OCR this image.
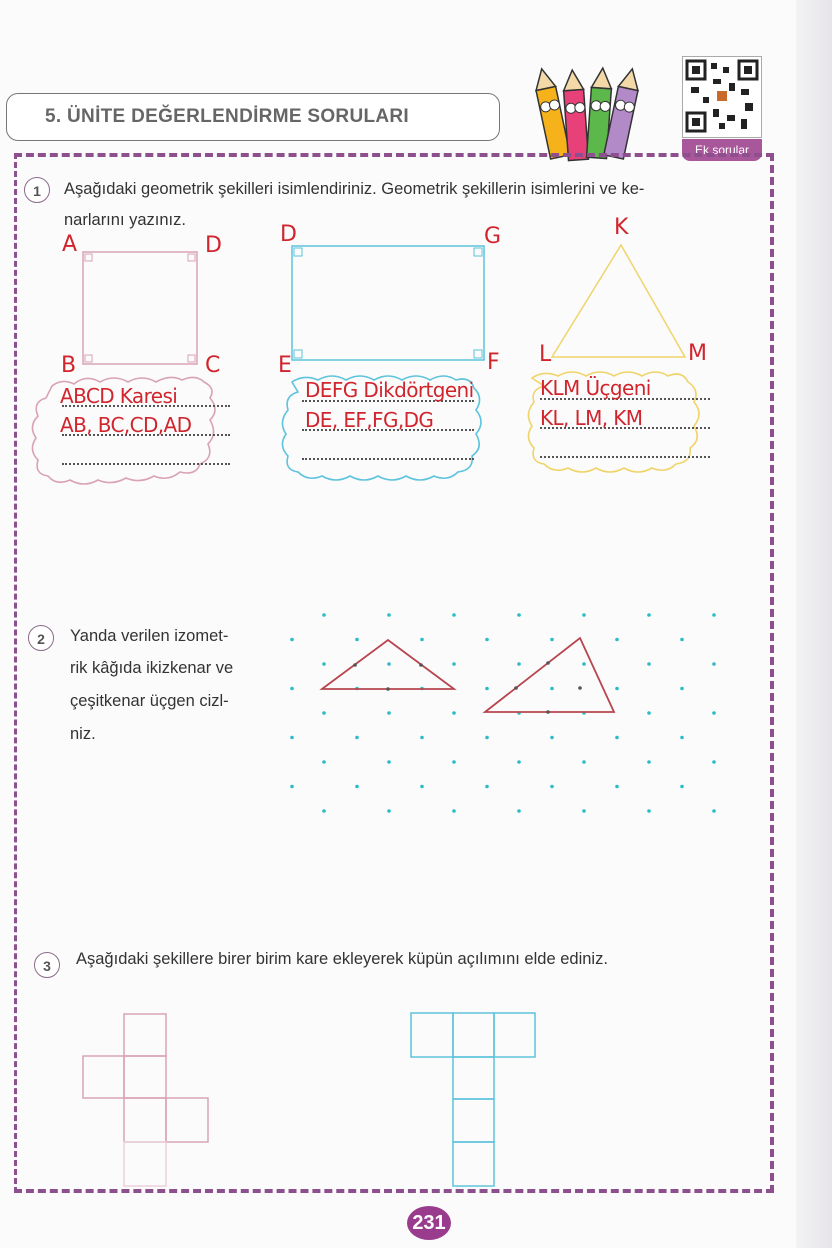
5. ÜNİTE DEĞERLENDİRME SORULARI
Ek sorular
1	Aşağıdaki geometrik şekilleri isimlendiriniz. Geometrik şekillerin isimlerini ve ke-
narlarını yazınız.
A	D
B	C
D	G
E	F
K
L	M
ABCD Karesi
AB, BC,CD,AD
DEFG Dikdörtgeni
DE, EF,FG,DG
KLM Üçgeni
KL, LM, KM
2	Yanda verilen izomet-
rik kâğıda ikizkenar ve
çeşitkenar üçgen cizl-
niz.
3	Aşağıdaki şekillere birer birim kare ekleyerek küpün açılımını elde ediniz.
231
